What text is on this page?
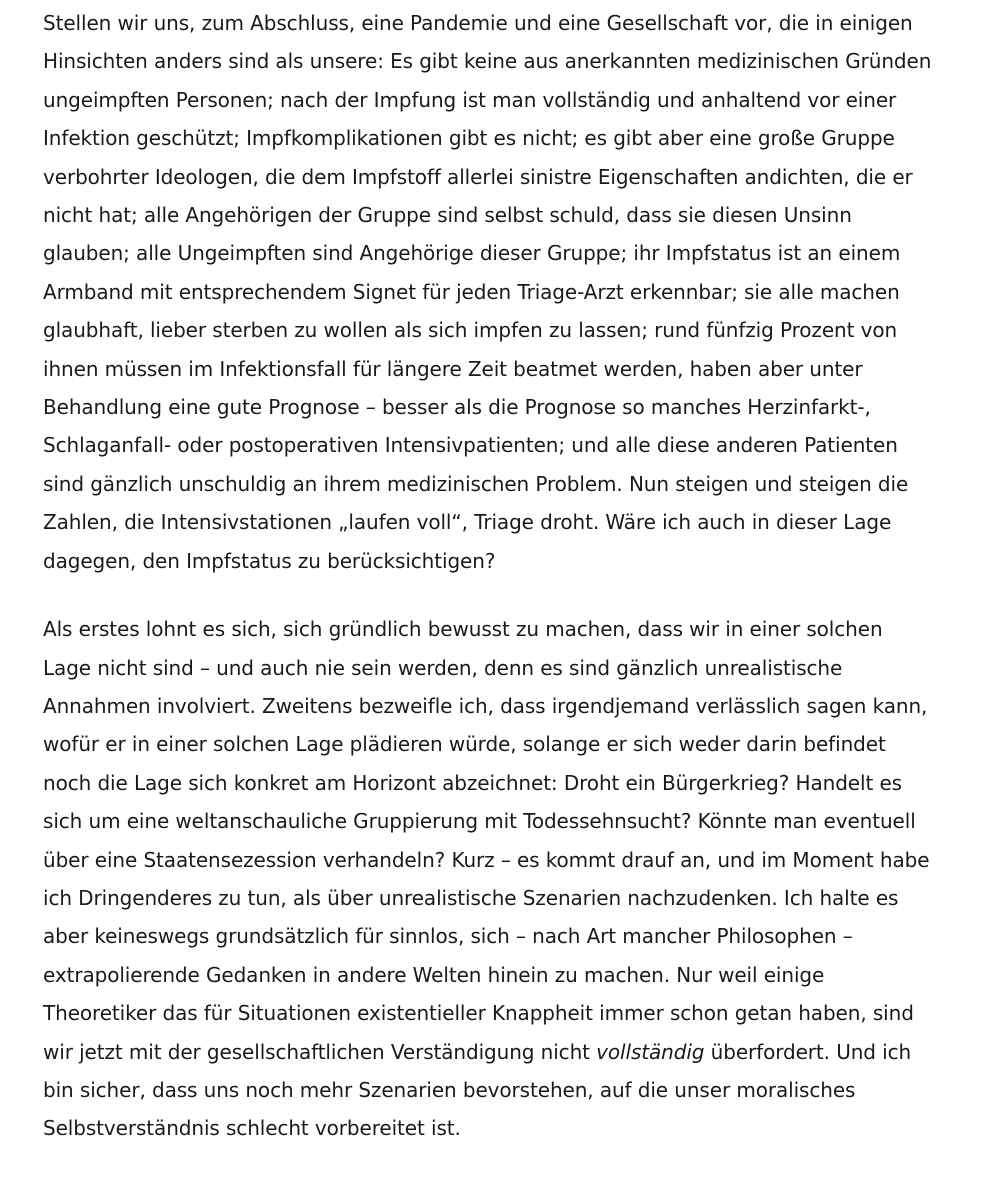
Stellen wir uns, zum Abschluss, eine Pandemie und eine Gesellschaft vor, die in einigen Hinsichten anders sind als unsere: Es gibt keine aus anerkannten medizinischen Gründen ungeimpften Personen; nach der Impfung ist man vollständig und anhaltend vor einer Infektion geschützt; Impfkomplikationen gibt es nicht; es gibt aber eine große Gruppe verbohrter Ideologen, die dem Impfstoff allerlei sinistre Eigenschaften andichten, die er nicht hat; alle Angehörigen der Gruppe sind selbst schuld, dass sie diesen Unsinn glauben; alle Ungeimpften sind Angehörige dieser Gruppe; ihr Impfstatus ist an einem Armband mit entsprechendem Signet für jeden Triage-Arzt erkennbar; sie alle machen glaubhaft, lieber sterben zu wollen als sich impfen zu lassen; rund fünfzig Prozent von ihnen müssen im Infektionsfall für längere Zeit beatmet werden, haben aber unter Behandlung eine gute Prognose – besser als die Prognose so manches Herzinfarkt-, Schlaganfall- oder postoperativen Intensivpatienten; und alle diese anderen Patienten sind gänzlich unschuldig an ihrem medizinischen Problem. Nun steigen und steigen die Zahlen, die Intensivstationen „laufen voll“, Triage droht. Wäre ich auch in dieser Lage dagegen, den Impfstatus zu berücksichtigen?

Als erstes lohnt es sich, sich gründlich bewusst zu machen, dass wir in einer solchen Lage nicht sind – und auch nie sein werden, denn es sind gänzlich unrealistische Annahmen involviert. Zweitens bezweifle ich, dass irgendjemand verlässlich sagen kann, wofür er in einer solchen Lage plädieren würde, solange er sich weder darin befindet noch die Lage sich konkret am Horizont abzeichnet: Droht ein Bürgerkrieg? Handelt es sich um eine weltanschauliche Gruppierung mit Todessehnsucht? Könnte man eventuell über eine Staatensezession verhandeln? Kurz – es kommt drauf an, und im Moment habe ich Dringenderes zu tun, als über unrealistische Szenarien nachzudenken. Ich halte es aber keineswegs grundsätzlich für sinnlos, sich – nach Art mancher Philosophen – extrapolierende Gedanken in andere Welten hinein zu machen. Nur weil einige Theoretiker das für Situationen existentieller Knappheit immer schon getan haben, sind wir jetzt mit der gesellschaftlichen Verständigung nicht vollständig überfordert. Und ich bin sicher, dass uns noch mehr Szenarien bevorstehen, auf die unser moralisches Selbstverständnis schlecht vorbereitet ist.
